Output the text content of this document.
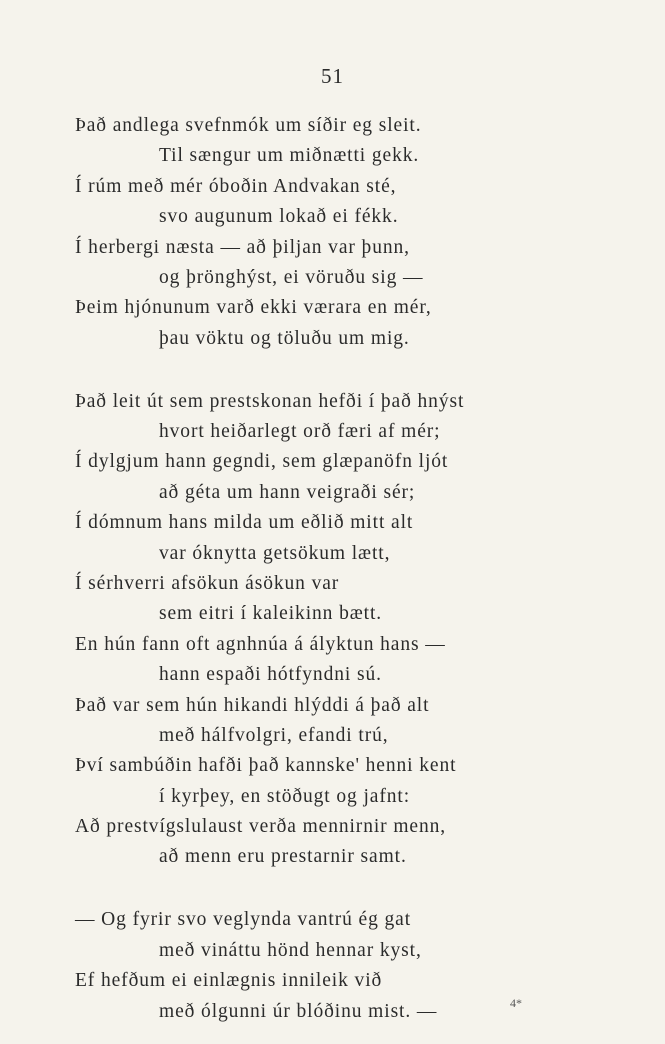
51
Það andlega svefnmók um síðir eg sleit.
Til sængur um miðnætti gekk.
Í rúm með mér óboðin Andvakan sté,
svo augunum lokað ei fékk.
Í herbergi næsta — að þiljan var þunn,
og þrönghýst, ei vöruðu sig —
Þeim hjónunum varð ekki værara en mér,
þau vöktu og töluðu um mig.
Það leit út sem prestskonan hefði í það hnýst
hvort heiðarlegt orð færi af mér;
Í dylgjum hann gegndi, sem glæpanöfn ljót
að géta um hann veigraði sér;
Í dómnum hans milda um eðlið mitt alt
var óknytta getsökum lætt,
Í sérhverri afsökun ásökun var
sem eitri í kaleikinn bætt.
En hún fann oft agnhnúa á ályktun hans —
hann espaði hótfyndni sú.
Það var sem hún hikandi hlýddi á það alt
með hálfvolgri, efandi trú,
Því sambúðin hafði það kannske' henni kent
í kyrþey, en stöðugt og jafnt:
Að prestvígslulaust verða mennirnir menn,
að menn eru prestarnir samt.
— Og fyrir svo veglynda vantrú ég gat
með vináttu hönd hennar kyst,
Ef hefðum ei einlægnis innileik við
með ólgunni úr blóðinu mist. —	4*
